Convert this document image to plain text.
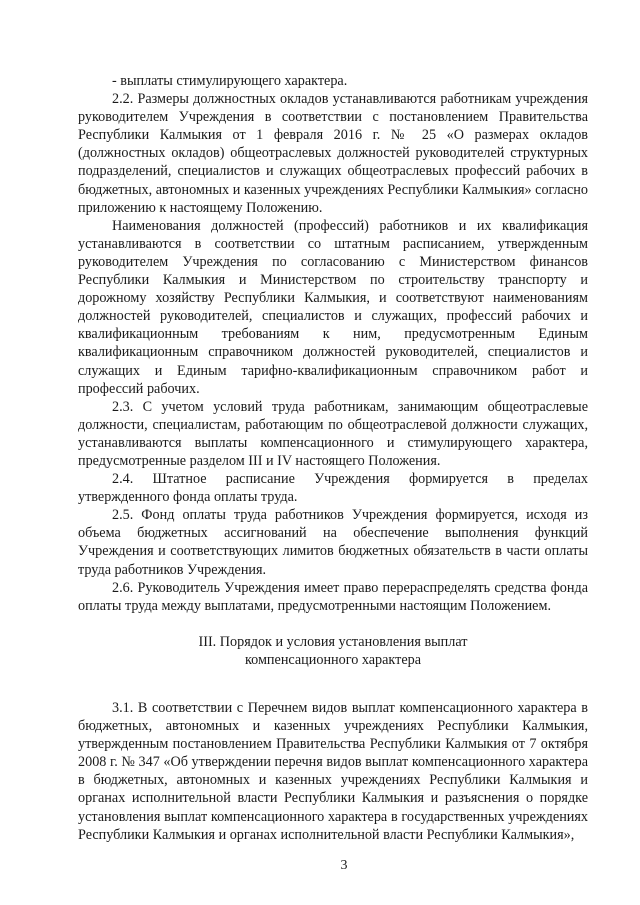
- выплаты стимулирующего характера.

2.2. Размеры должностных окладов устанавливаются работникам учреждения руководителем Учреждения в соответствии с постановлением Правительства Республики Калмыкия от 1 февраля 2016 г. № 25 «О размерах окладов (должностных окладов) общеотраслевых должностей руководителей структурных подразделений, специалистов и служащих общеотраслевых профессий рабочих в бюджетных, автономных и казенных учреждениях Республики Калмыкия» согласно приложению к настоящему Положению.

Наименования должностей (профессий) работников и их квалификация устанавливаются в соответствии со штатным расписанием, утвержденным руководителем Учреждения по согласованию с Министерством финансов Республики Калмыкия и Министерством по строительству транспорту и дорожному хозяйству Республики Калмыкия, и соответствуют наименованиям должностей руководителей, специалистов и служащих, профессий рабочих и квалификационным требованиям к ним, предусмотренным Единым квалификационным справочником должностей руководителей, специалистов и служащих и Единым тарифно-квалификационным справочником работ и профессий рабочих.

2.3. С учетом условий труда работникам, занимающим общеотраслевые должности, специалистам, работающим по общеотраслевой должности служащих, устанавливаются выплаты компенсационного и стимулирующего характера, предусмотренные разделом III и IV настоящего Положения.

2.4. Штатное расписание Учреждения формируется в пределах утвержденного фонда оплаты труда.

2.5. Фонд оплаты труда работников Учреждения формируется, исходя из объема бюджетных ассигнований на обеспечение выполнения функций Учреждения и соответствующих лимитов бюджетных обязательств в части оплаты труда работников Учреждения.

2.6. Руководитель Учреждения имеет право перераспределять средства фонда оплаты труда между выплатами, предусмотренными настоящим Положением.

III. Порядок и условия установления выплат

компенсационного характера

3.1. В соответствии с Перечнем видов выплат компенсационного характера в бюджетных, автономных и казенных учреждениях Республики Калмыкия, утвержденным постановлением Правительства Республики Калмыкия от 7 октября 2008 г. № 347 «Об утверждении перечня видов выплат компенсационного характера в бюджетных, автономных и казенных учреждениях Республики Калмыкия и органах исполнительной власти Республики Калмыкия и разъяснения о порядке установления выплат компенсационного характера в государственных учреждениях Республики Калмыкия и органах исполнительной власти Республики Калмыкия»,

3
